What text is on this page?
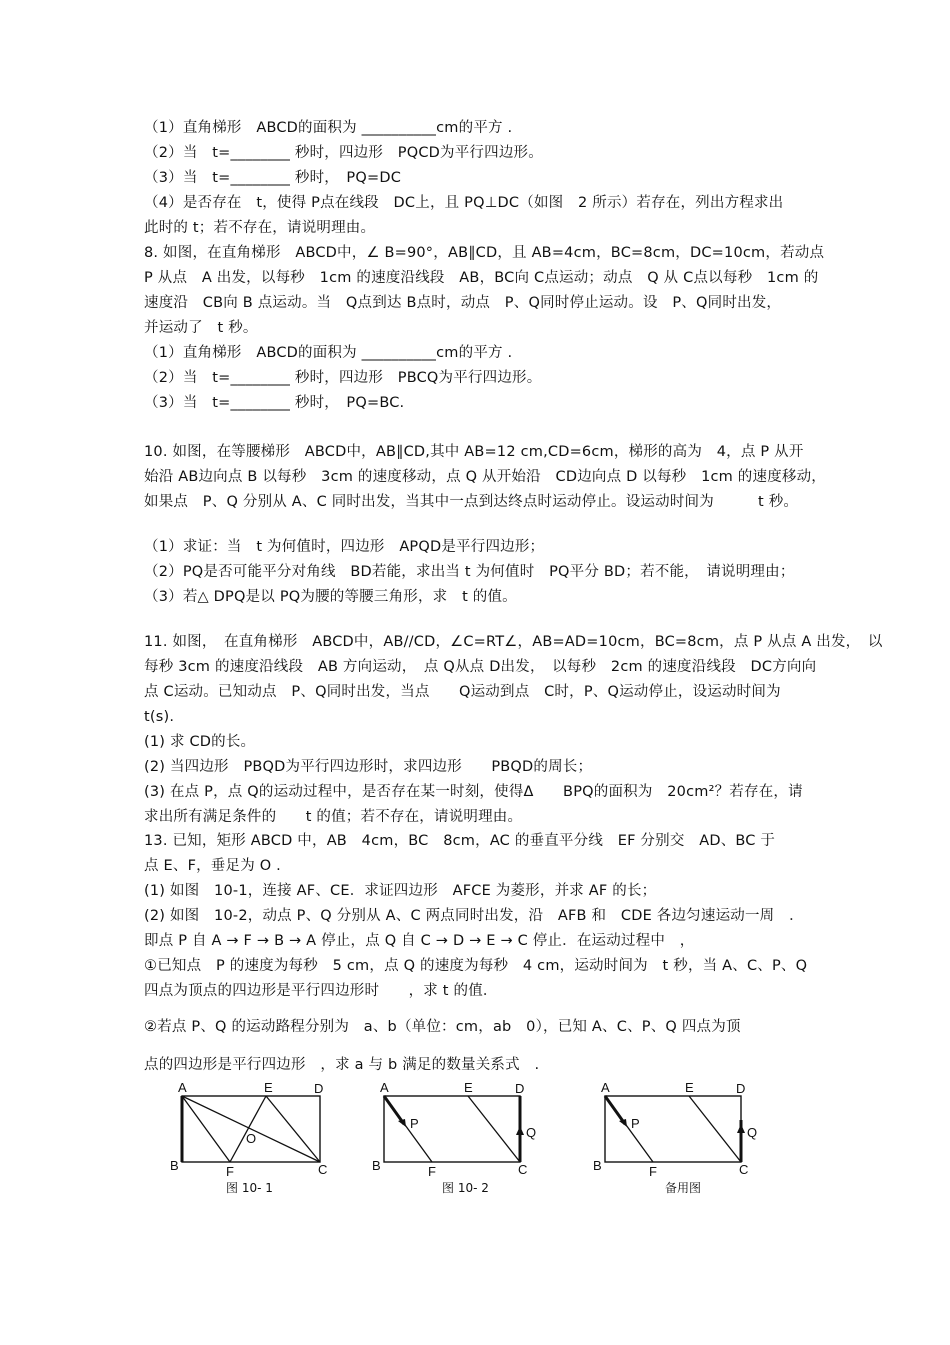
（1）直角梯形　ABCD的面积为 __________cm的平方 .
（2）当　t=________ 秒时，四边形　PQCD为平行四边形。
（3）当　t=________ 秒时，　PQ=DC
（4）是否存在　t，使得 P点在线段　DC上，且 PQ⊥DC（如图　2 所示）若存在，列出方程求出
此时的 t；若不存在，请说明理由。
8. 如图，在直角梯形　ABCD中，∠ B=90°，AB∥CD，且 AB=4cm，BC=8cm，DC=10cm，若动点
P 从点　A 出发，以每秒　1cm 的速度沿线段　AB，BC向 C点运动；动点　Q 从 C点以每秒　1cm 的
速度沿　CB向 B 点运动。当　Q点到达 B点时，动点　P、Q同时停止运动。设　P、Q同时出发，
并运动了　t 秒。
（1）直角梯形　ABCD的面积为 __________cm的平方 .
（2）当　t=________ 秒时，四边形　PBCQ为平行四边形。
（3）当　t=________ 秒时，　PQ=BC.
10. 如图，在等腰梯形　ABCD中，AB∥CD,其中 AB=12 cm,CD=6cm，梯形的高为　4，点 P 从开
始沿 AB边向点 B 以每秒　3cm 的速度移动，点 Q 从开始沿　CD边向点 D 以每秒　1cm 的速度移动，
如果点　P、Q 分别从 A、C 同时出发，当其中一点到达终点时运动停止。设运动时间为　　　t 秒。
（1）求证：当　t 为何值时，四边形　APQD是平行四边形；
（2）PQ是否可能平分对角线　BD若能，求出当 t 为何值时　PQ平分 BD；若不能，　请说明理由；
（3）若△ DPQ是以 PQ为腰的等腰三角形，求　t 的值。
11. 如图，　在直角梯形　ABCD中，AB//CD，∠C=RT∠，AB=AD=10cm，BC=8cm，点 P 从点 A 出发，　以
每秒 3cm 的速度沿线段　AB 方向运动，　点 Q从点 D出发，　以每秒　2cm 的速度沿线段　DC方向向
点 C运动。已知动点　P、Q同时出发，当点　　Q运动到点　C时，P、Q运动停止，设运动时间为
t(s).
(1) 求 CD的长。
(2) 当四边形　PBQD为平行四边形时，求四边形　　PBQD的周长；
(3) 在点 P，点 Q的运动过程中，是否存在某一时刻，使得Δ　　BPQ的面积为　20cm²？若存在，请
求出所有满足条件的　　t 的值；若不存在，请说明理由。
13. 已知，矩形 ABCD 中，AB　4cm，BC　8cm，AC 的垂直平分线　EF 分别交　AD、BC 于
点 E、F，垂足为 O .
(1) 如图　10-1，连接 AF、CE．求证四边形　AFCE 为菱形，并求 AF 的长；
(2) 如图　10-2，动点 P、Q 分别从 A、C 两点同时出发，沿　AFB 和　CDE 各边匀速运动一周　．
即点 P 自 A → F → B → A 停止，点 Q 自 C → D → E → C 停止．在运动过程中　，
①已知点　P 的速度为每秒　5 cm，点 Q 的速度为每秒　4 cm，运动时间为　t 秒，当 A、C、P、Q
四点为顶点的四边形是平行四边形时　　，求 t 的值．
②若点 P、Q 的运动路程分别为　a、b（单位：cm，ab　0），已知 A、C、P、Q 四点为顶
点的四边形是平行四边形　，求 a 与 b 满足的数量关系式　.
A	E	D
O
B	F	C
图 10- 1
A	E	D
P
Q
B	F	C
图 10- 2
A	E	D
P
Q
B	F	C
备用图
